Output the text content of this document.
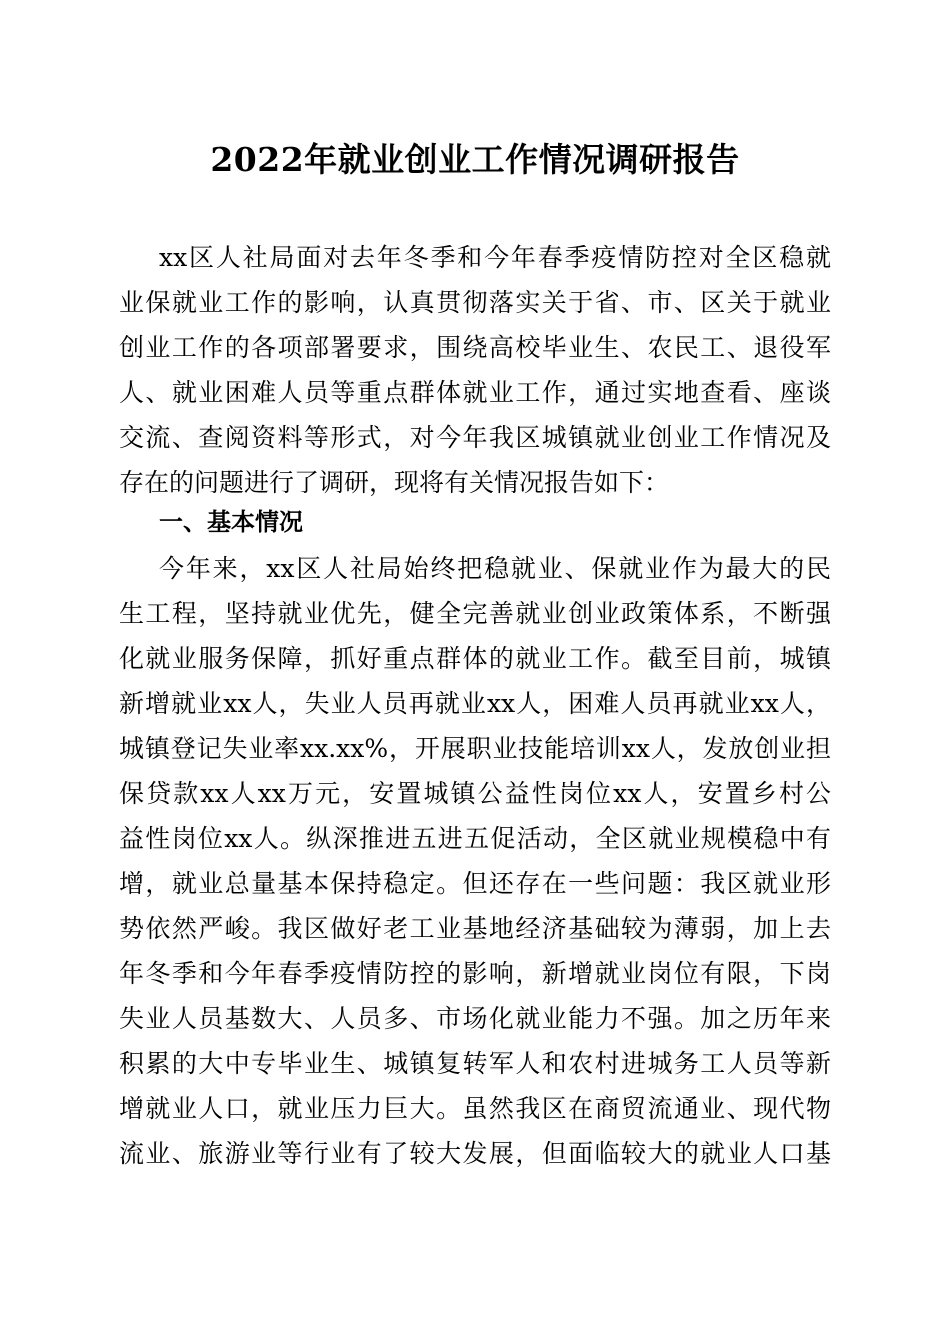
2022年就业创业工作情况调研报告
xx区人社局面对去年冬季和今年春季疫情防控对全区稳就
业保就业工作的影响，认真贯彻落实关于省、市、区关于就业
创业工作的各项部署要求，围绕高校毕业生、农民工、退役军
人、就业困难人员等重点群体就业工作，通过实地查看、座谈
交流、查阅资料等形式，对今年我区城镇就业创业工作情况及
存在的问题进行了调研，现将有关情况报告如下：
一、基本情况
今年来，xx区人社局始终把稳就业、保就业作为最大的民
生工程，坚持就业优先，健全完善就业创业政策体系，不断强
化就业服务保障，抓好重点群体的就业工作。截至目前，城镇
新增就业xx人，失业人员再就业xx人，困难人员再就业xx人，
城镇登记失业率xx.xx%，开展职业技能培训xx人，发放创业担
保贷款xx人xx万元，安置城镇公益性岗位xx人，安置乡村公
益性岗位xx人。纵深推进五进五促活动，全区就业规模稳中有
增，就业总量基本保持稳定。但还存在一些问题：我区就业形
势依然严峻。我区做好老工业基地经济基础较为薄弱，加上去
年冬季和今年春季疫情防控的影响，新增就业岗位有限，下岗
失业人员基数大、人员多、市场化就业能力不强。加之历年来
积累的大中专毕业生、城镇复转军人和农村进城务工人员等新
增就业人口，就业压力巨大。虽然我区在商贸流通业、现代物
流业、旅游业等行业有了较大发展，但面临较大的就业人口基
